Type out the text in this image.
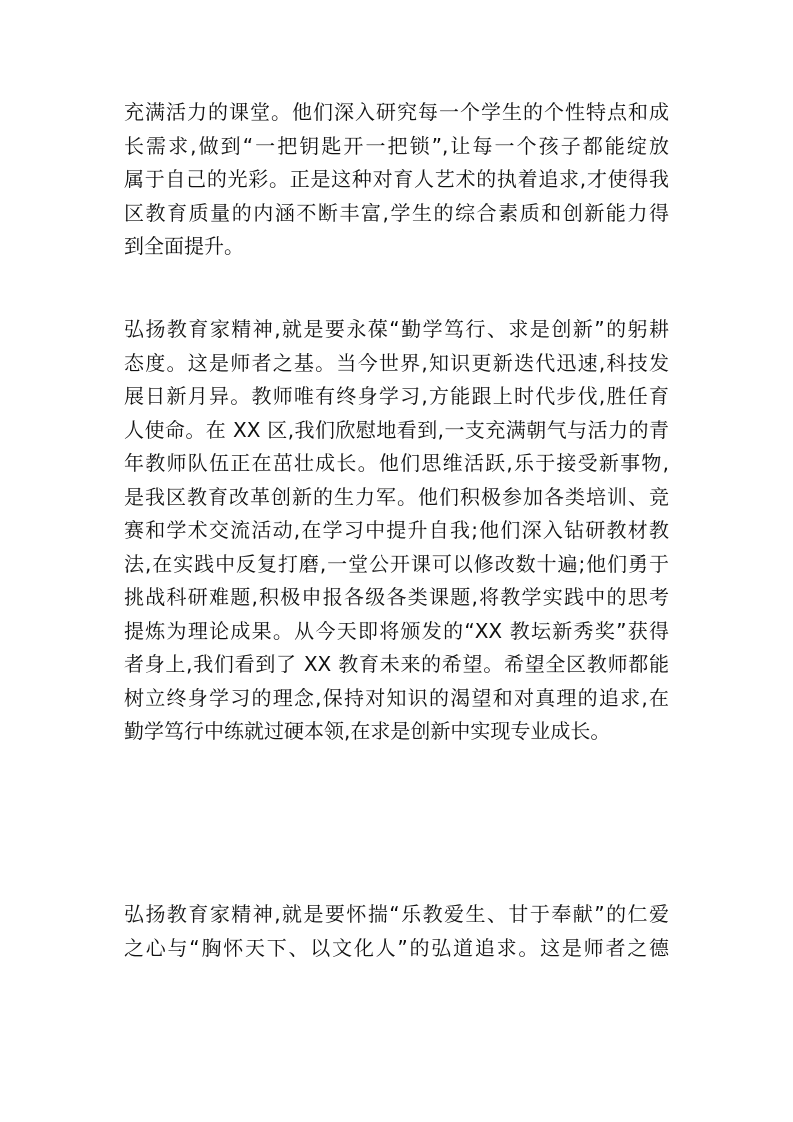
充满活力的课堂。他们深入研究每一个学生的个性特点和成
长需求,做到“一把钥匙开一把锁”,让每一个孩子都能绽放
属于自己的光彩。正是这种对育人艺术的执着追求,才使得我
区教育质量的内涵不断丰富,学生的综合素质和创新能力得
到全面提升。
弘扬教育家精神,就是要永葆“勤学笃行、求是创新”的躬耕
态度。这是师者之基。当今世界,知识更新迭代迅速,科技发
展日新月异。教师唯有终身学习,方能跟上时代步伐,胜任育
人使命。在 XX 区,我们欣慰地看到,一支充满朝气与活力的青
年教师队伍正在茁壮成长。他们思维活跃,乐于接受新事物,
是我区教育改革创新的生力军。他们积极参加各类培训、竞
赛和学术交流活动,在学习中提升自我;他们深入钻研教材教
法,在实践中反复打磨,一堂公开课可以修改数十遍;他们勇于
挑战科研难题,积极申报各级各类课题,将教学实践中的思考
提炼为理论成果。从今天即将颁发的“XX 教坛新秀奖”获得
者身上,我们看到了 XX 教育未来的希望。希望全区教师都能
树立终身学习的理念,保持对知识的渴望和对真理的追求,在
勤学笃行中练就过硬本领,在求是创新中实现专业成长。
弘扬教育家精神,就是要怀揣“乐教爱生、甘于奉献”的仁爱
之心与“胸怀天下、以文化人”的弘道追求。这是师者之德
